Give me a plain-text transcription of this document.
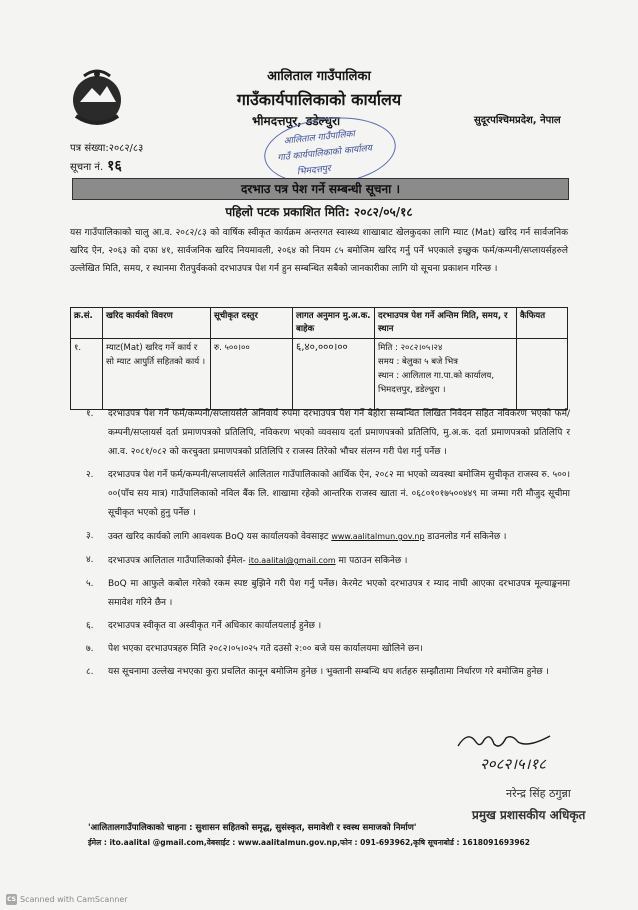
आलिताल गाउँपालिका
गाउँकार्यपालिकाको कार्यालय
भीमदत्तपुर, डडेल्धुरा	सुदूरपश्चिमप्रदेश, नेपाल
पत्र संख्या:२०८२/८३
सूचना नं. १६
आलिताल गाउँपालिका
गाउँ कार्यपालिकाको कार्यालय
भिमदत्तपुर
दरभाउ पत्र पेश गर्ने सम्बन्धी सूचना ।
पहिलो पटक प्रकाशित मिति: २०८२/०५/१८
यस गाउँपालिकाको चालु आ.व. २०८२/८३ को वार्षिक स्वीकृत कार्यक्रम अन्तरगत स्वास्थ्य शाखाबाट खेलकुदका लागि म्याट (Mat) खरिद गर्न सार्वजनिक खरिद ऐन, २०६३ को दफा ४१, सार्वजनिक खरिद नियमावली, २०६४ को नियम ८५ बमोजिम खरिद गर्नु पर्ने भएकाले इच्छुक फर्म/कम्पनी/सप्लायर्सहरुले उल्लेखित मिति, समय, र स्थानमा रीतपुर्वकको दरभाउपत्र पेश गर्न हुन सम्बन्धित सबैको जानकारीका लागि यो सूचना प्रकाशन गरिन्छ ।
क्र.सं.	खरिद कार्यको विवरण	सूचीकृत दस्तुर	लागत अनुमान मु.अ.क. बाहेक	दरभाउपत्र पेश गर्ने अन्तिम मिति, समय, र स्थान	कैफियत
१.	म्याट(Mat) खरिद गर्ने कार्य र सो म्याट आपुर्ति सहितको कार्य ।	रु. ५००।००	६,४०,०००।००	मिति : २०८२।०५।२४
समय : बेलुका ५ बजे भित्र
स्थान : आलिताल गा.पा.को कार्यालय, भिमदत्तपुर, डडेल्धुरा ।	
१.	दरभाउपत्र पेश गर्ने फर्म/कम्पनी/सप्लायर्सले अनिवार्य रुपमा दरभाउपत्र पेश गर्ने बेहोरा सम्बन्धित लिखित निवेदन सहित नविकरण भएको फर्म/कम्पनी/सप्लायर्स दर्ता प्रमाणपत्रको प्रतिलिपि, नविकरण भएको व्यवसाय दर्ता प्रमाणपत्रको प्रतिलिपि, मु.अ.क. दर्ता प्रमाणपत्रको प्रतिलिपि र आ.व. २०८१/०८२ को करचुक्ता प्रमाणपत्रको प्रतिलिपि र राजस्व तिरेको भौचर संलग्न गरी पेश गर्नु पर्नेछ ।
२.	दरभाउपत्र पेश गर्ने फर्म/कम्पनी/सप्लायर्सले आलिताल गाउँपालिकाको आर्थिक ऐन, २०८२ मा भएको व्यवस्था बमोजिम सुचीकृत राजस्व रु. ५००।००(पाँच सय मात्र) गाउँपालिकाको नविल बैंक लि. शाखामा रहेको आन्तरिक राजस्व खाता नं. ०६८०१०१७५००४४९ मा जम्मा गरी मौजुद सूचीमा सूचीकृत भएको हुनु पर्नेछ ।
३.	उक्त खरिद कार्यको लागि आवश्यक BoQ यस कार्यालयको वेवसाइट www.aalitalmun.gov.np डाउनलोड गर्न सकिनेछ ।
४.	दरभाउपत्र आलिताल गाउँपालिकाको ईमेल- ito.aalital@gmail.com मा पठाउन सकिनेछ ।
५.	BoQ मा आफुले कबोल गरेको रकम स्पष्ट बुझिने गरी पेश गर्नु पर्नेछ। केरमेट भएको दरभाउपत्र र म्याद नाघी आएका दरभाउपत्र मूल्याङ्कनमा समावेश गरिने छैन ।
६.	दरभाउपत्र स्वीकृत वा अस्वीकृत गर्ने अधिकार कार्यालयलाई हुनेछ ।
७.	पेश भएका दरभाउपत्रहरु मिति २०८२।०५।०२५ गते दउसो २:०० बजे यस कार्यालयमा खोलिने छन।
८.	यस सूचनामा उल्लेख नभएका कुरा प्रचलित कानून बमोजिम हुनेछ । भुक्तानी सम्बन्धि थप शर्तहरु सम्झौतामा निर्धारण गरे बमोजिम हुनेछ ।
२०८२।५।१८
नरेन्द्र सिंह ठगुन्ना
प्रमुख प्रशासकीय अधिकृत
'आलितालगाउँपालिकाको चाहना : सुशासन सहितको समृद्ध, सुसंस्कृत, समावेशी र स्वस्थ समाजको निर्माण'
ईमेल : ito.aalital @gmail.com,वेबसाईट : www.aalitalmun.gov.np,फोन : 091-693962,कृषि सूचनाबोर्ड : 1618091693962
CS Scanned with CamScanner
